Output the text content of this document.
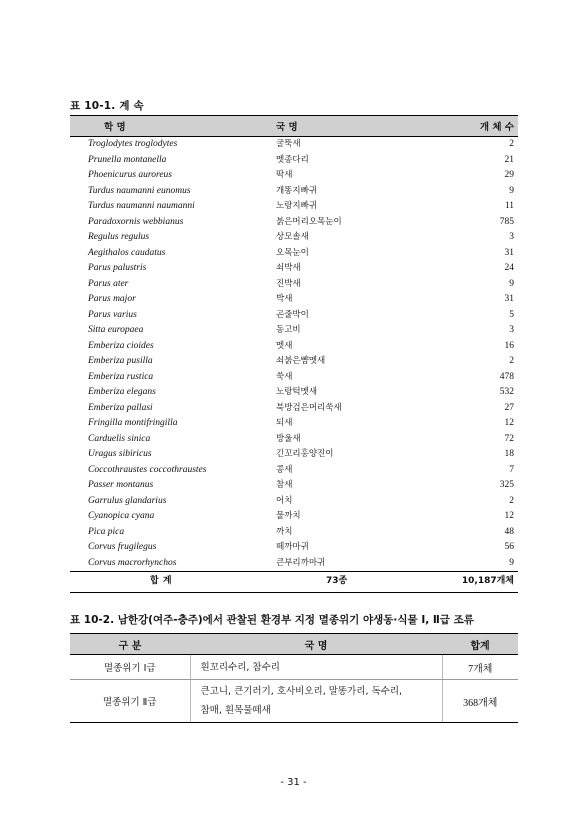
표 10-1. 계 속
학 명	국 명	개 체 수
Troglodytes troglodytes	굴뚝새	2
Prunella montanella	멧종다리	21
Phoenicurus auroreus	딱새	29
Turdus naumanni eunomus	개똥지빠귀	9
Turdus naumanni naumanni	노랑지빠귀	11
Paradoxornis webbianus	붉은머리오목눈이	785
Regulus regulus	상모솔새	3
Aegithalos caudatus	오목눈이	31
Parus palustris	쇠박새	24
Parus ater	진박새	9
Parus major	박새	31
Parus varius	곤줄박이	5
Sitta europaea	동고비	3
Emberiza cioides	멧새	16
Emberiza pusilla	쇠붉은뺨멧새	2
Emberiza rustica	쑥새	478
Emberiza elegans	노랑턱멧새	532
Emberiza pallasi	북방검은머리쑥새	27
Fringilla montifringilla	되새	12
Carduelis sinica	방울새	72
Uragus sibiricus	긴꼬리홍양진이	18
Coccothraustes coccothraustes	콩새	7
Passer montanus	참새	325
Garrulus glandarius	어치	2
Cyanopica cyana	물까치	12
Pica pica	까치	48
Corvus frugilegus	떼까마귀	56
Corvus macrorhynchos	큰부리까마귀	9
합 계	73종	10,187개체
표 10-2. 남한강(여주-충주)에서 관찰된 환경부 지정 멸종위기 야생동·식물 Ⅰ, Ⅱ급 조류
구 분	국 명	합계
멸종위기 Ⅰ급	흰꼬리수리, 참수리	7개체
멸종위기 Ⅱ급	큰고니, 큰기러기, 호사비오리, 말똥가리, 독수리,
참매, 흰목물떼새	368개체
- 31 -
